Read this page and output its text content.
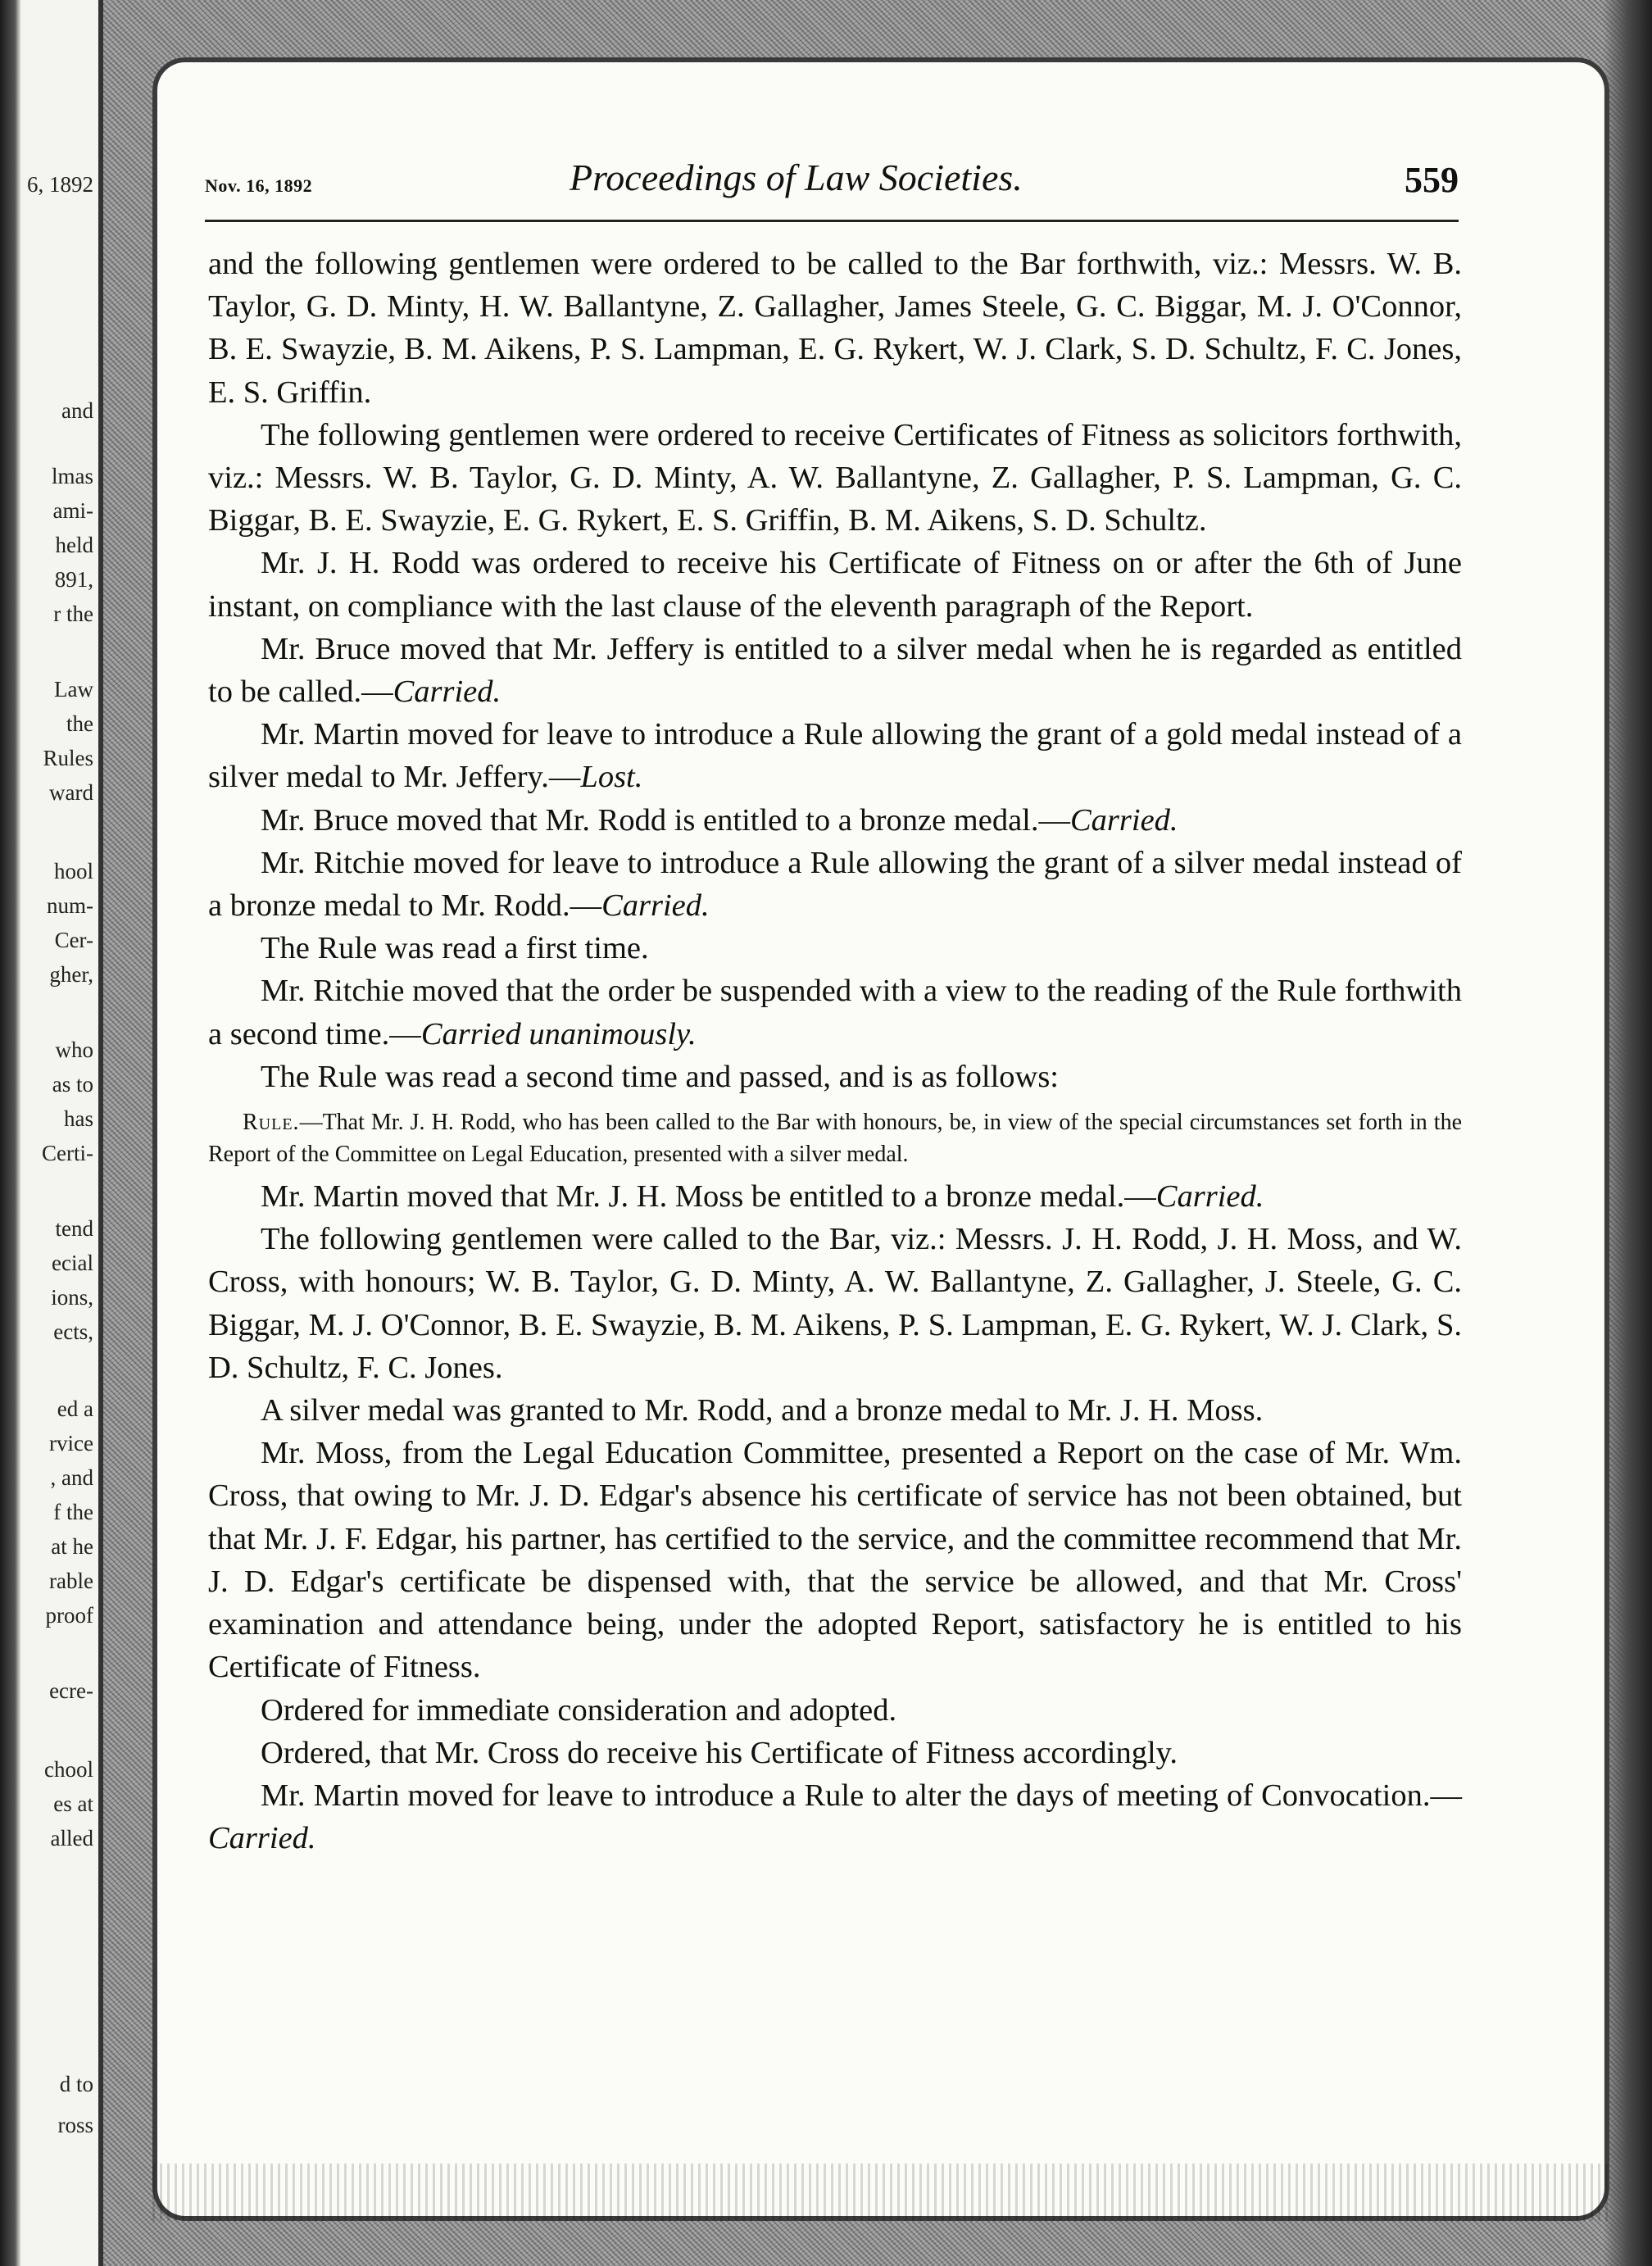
6, 1892
and
lmas
ami-
held
891,
r the
Law
the
Rules
ward
hool
num-
Cer-
gher,
who
as to
has
Certi-
tend
ecial
ions,
ects,
ed a
rvice
, and
f the
at he
rable
proof
ecre-
chool
es at
alled
d to
ross
Nov. 16, 1892	Proceedings of Law Societies.	559

and the following gentlemen were ordered to be called to the Bar forthwith, viz.: Messrs. W. B. Taylor, G. D. Minty, H. W. Ballantyne, Z. Gallagher, James Steele, G. C. Biggar, M. J. O'Connor, B. E. Swayzie, B. M. Aikens, P. S. Lampman, E. G. Rykert, W. J. Clark, S. D. Schultz, F. C. Jones, E. S. Griffin.

The following gentlemen were ordered to receive Certificates of Fitness as solicitors forthwith, viz.: Messrs. W. B. Taylor, G. D. Minty, A. W. Ballantyne, Z. Gallagher, P. S. Lampman, G. C. Biggar, B. E. Swayzie, E. G. Rykert, E. S. Griffin, B. M. Aikens, S. D. Schultz.

Mr. J. H. Rodd was ordered to receive his Certificate of Fitness on or after the 6th of June instant, on compliance with the last clause of the eleventh paragraph of the Report.

Mr. Bruce moved that Mr. Jeffery is entitled to a silver medal when he is regarded as entitled to be called.—Carried.

Mr. Martin moved for leave to introduce a Rule allowing the grant of a gold medal instead of a silver medal to Mr. Jeffery.—Lost.

Mr. Bruce moved that Mr. Rodd is entitled to a bronze medal.—Carried.

Mr. Ritchie moved for leave to introduce a Rule allowing the grant of a silver medal instead of a bronze medal to Mr. Rodd.—Carried.

The Rule was read a first time.

Mr. Ritchie moved that the order be suspended with a view to the reading of the Rule forthwith a second time.—Carried unanimously.

The Rule was read a second time and passed, and is as follows:

Rule.—That Mr. J. H. Rodd, who has been called to the Bar with honours, be, in view of the special circumstances set forth in the Report of the Committee on Legal Education, presented with a silver medal.

Mr. Martin moved that Mr. J. H. Moss be entitled to a bronze medal.—Carried.

The following gentlemen were called to the Bar, viz.: Messrs. J. H. Rodd, J. H. Moss, and W. Cross, with honours; W. B. Taylor, G. D. Minty, A. W. Ballantyne, Z. Gallagher, J. Steele, G. C. Biggar, M. J. O'Connor, B. E. Swayzie, B. M. Aikens, P. S. Lampman, E. G. Rykert, W. J. Clark, S. D. Schultz, F. C. Jones.

A silver medal was granted to Mr. Rodd, and a bronze medal to Mr. J. H. Moss.

Mr. Moss, from the Legal Education Committee, presented a Report on the case of Mr. Wm. Cross, that owing to Mr. J. D. Edgar's absence his certificate of service has not been obtained, but that Mr. J. F. Edgar, his partner, has certified to the service, and the committee recommend that Mr. J. D. Edgar's certificate be dispensed with, that the service be allowed, and that Mr. Cross' examination and attendance being, under the adopted Report, satisfactory he is entitled to his Certificate of Fitness.

Ordered for immediate consideration and adopted.

Ordered, that Mr. Cross do receive his Certificate of Fitness accordingly.

Mr. Martin moved for leave to introduce a Rule to alter the days of meeting of Convocation.—Carried.
